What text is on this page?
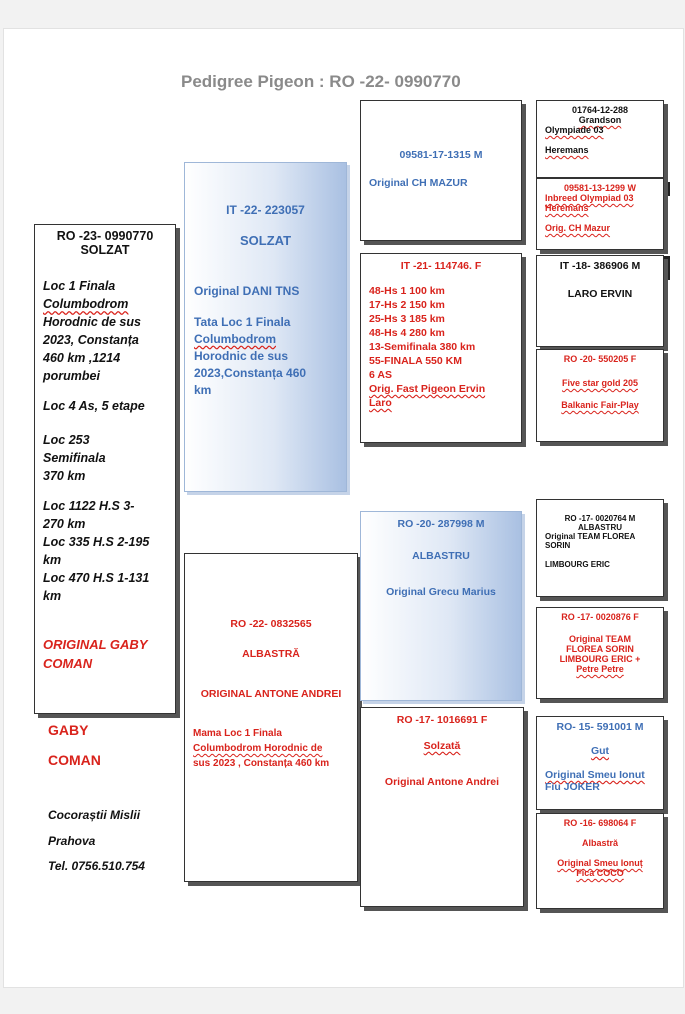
Pedigree Pigeon : RO -22- 0990770
RO -23- 0990770
SOLZAT
Loc 1 Finala
Columbodrom
Horodnic de sus
2023, Constanța
460 km ,1214
porumbei
Loc 4 As, 5 etape
Loc 253
Semifinala
370 km
Loc 1122 H.S 3-
270 km
Loc 335 H.S 2-195
km
Loc 470 H.S 1-131
km
ORIGINAL GABY
COMAN
GABY
COMAN
Cocoraștii Mislii
Prahova
Tel. 0756.510.754
IT -22- 223057
SOLZAT
Original DANI TNS
Tata Loc 1 Finala
Columbodrom
Horodnic de sus
2023,Constanța 460
km
RO -22- 0832565
ALBASTRĂ
ORIGINAL ANTONE ANDREI
Mama Loc 1 Finala
Columbodrom Horodnic de
sus 2023 , Constanța 460 km
09581-17-1315 M
Original CH MAZUR
IT -21- 114746. F
48-Hs 1 100 km
17-Hs 2 150 km
25-Hs 3 185 km
48-Hs 4 280 km
13-Semifinala 380 km
55-FINALA 550 KM
6 AS
Orig. Fast Pigeon Ervin
Laro
RO -20- 287998 M
ALBASTRU
Original Grecu Marius
RO -17- 1016691 F
Solzată
Original Antone Andrei
01764-12-288
Grandson
Olympiade 03
Heremans
09581-13-1299 W
Inbreed Olympiad 03
Heremans
Orig. CH Mazur
IT -18- 386906 M
LARO ERVIN
RO -20- 550205 F
Five star gold 205
Balkanic Fair-Play
RO -17- 0020764 M
ALBASTRU
Original TEAM FLOREA
SORIN
LIMBOURG ERIC
RO -17- 0020876 F
Original TEAM
FLOREA SORIN
LIMBOURG ERIC +
Petre Petre
RO- 15- 591001 M
Gut
Original Smeu Ionut
Fiu JOKER
RO -16- 698064 F
Albastră
Original Smeu Ionuț
Fica COCO
